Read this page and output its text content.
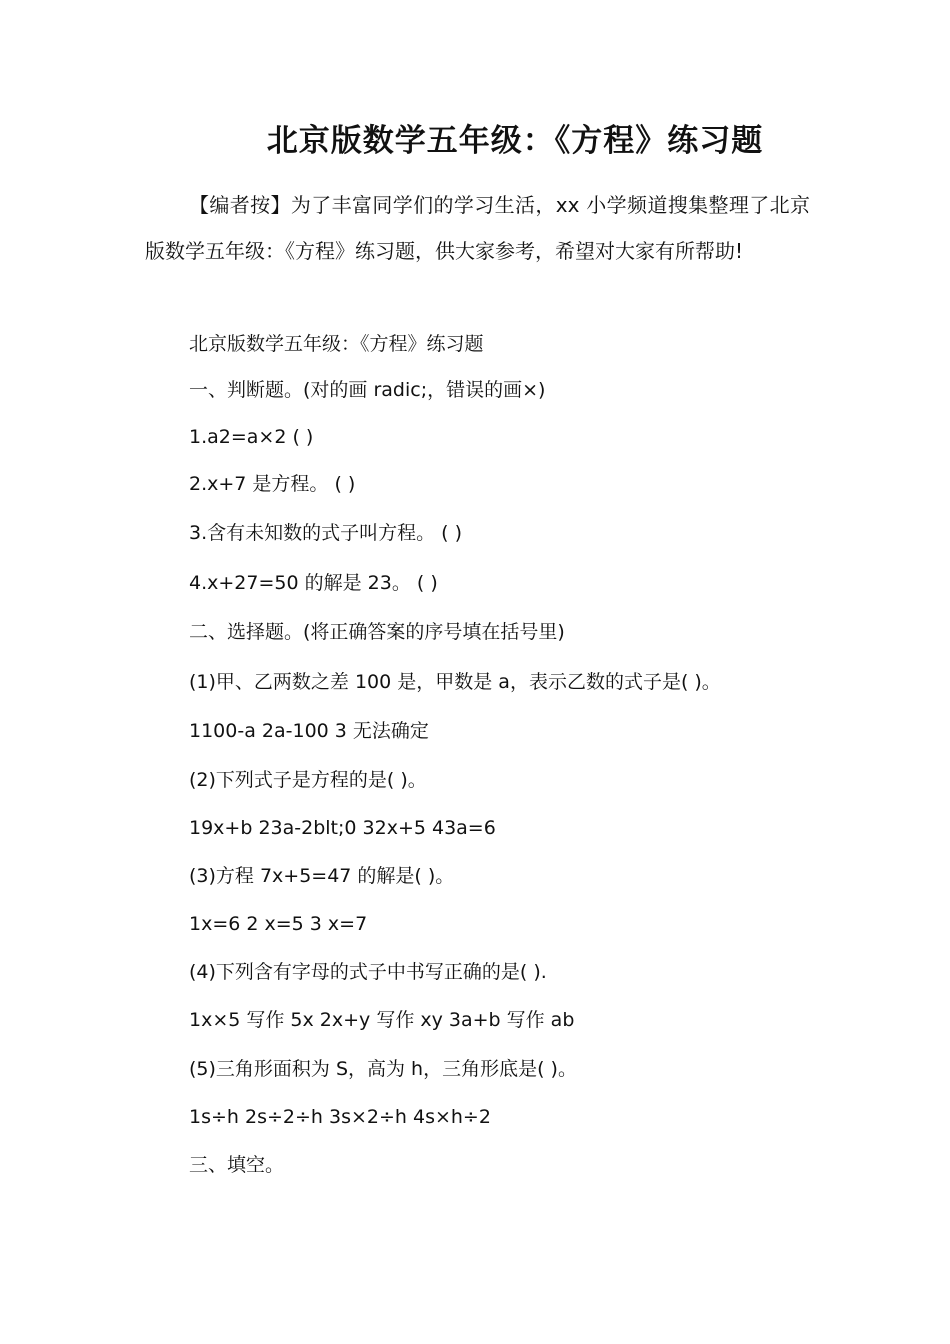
北京版数学五年级：《方程》练习题

【编者按】为了丰富同学们的学习生活，xx 小学频道搜集整理了北京版数学五年级：《方程》练习题，供大家参考，希望对大家有所帮助!

北京版数学五年级：《方程》练习题
一、判断题。(对的画 radic;，错误的画×)
1.a2=a×2 ( )
2.x+7 是方程。 ( )
3.含有未知数的式子叫方程。 ( )
4.x+27=50 的解是 23。 ( )
二、选择题。(将正确答案的序号填在括号里)
(1)甲、乙两数之差 100 是，甲数是 a，表示乙数的式子是( )。
1100-a 2a-100 3 无法确定
(2)下列式子是方程的是( )。
19x+b 23a-2blt;0 32x+5 43a=6
(3)方程 7x+5=47 的解是( )。
1x=6 2 x=5 3 x=7
(4)下列含有字母的式子中书写正确的是( ).
1x×5 写作 5x 2x+y 写作 xy 3a+b 写作 ab
(5)三角形面积为 S，高为 h，三角形底是( )。
1s÷h 2s÷2÷h 3s×2÷h 4s×h÷2
三、填空。
